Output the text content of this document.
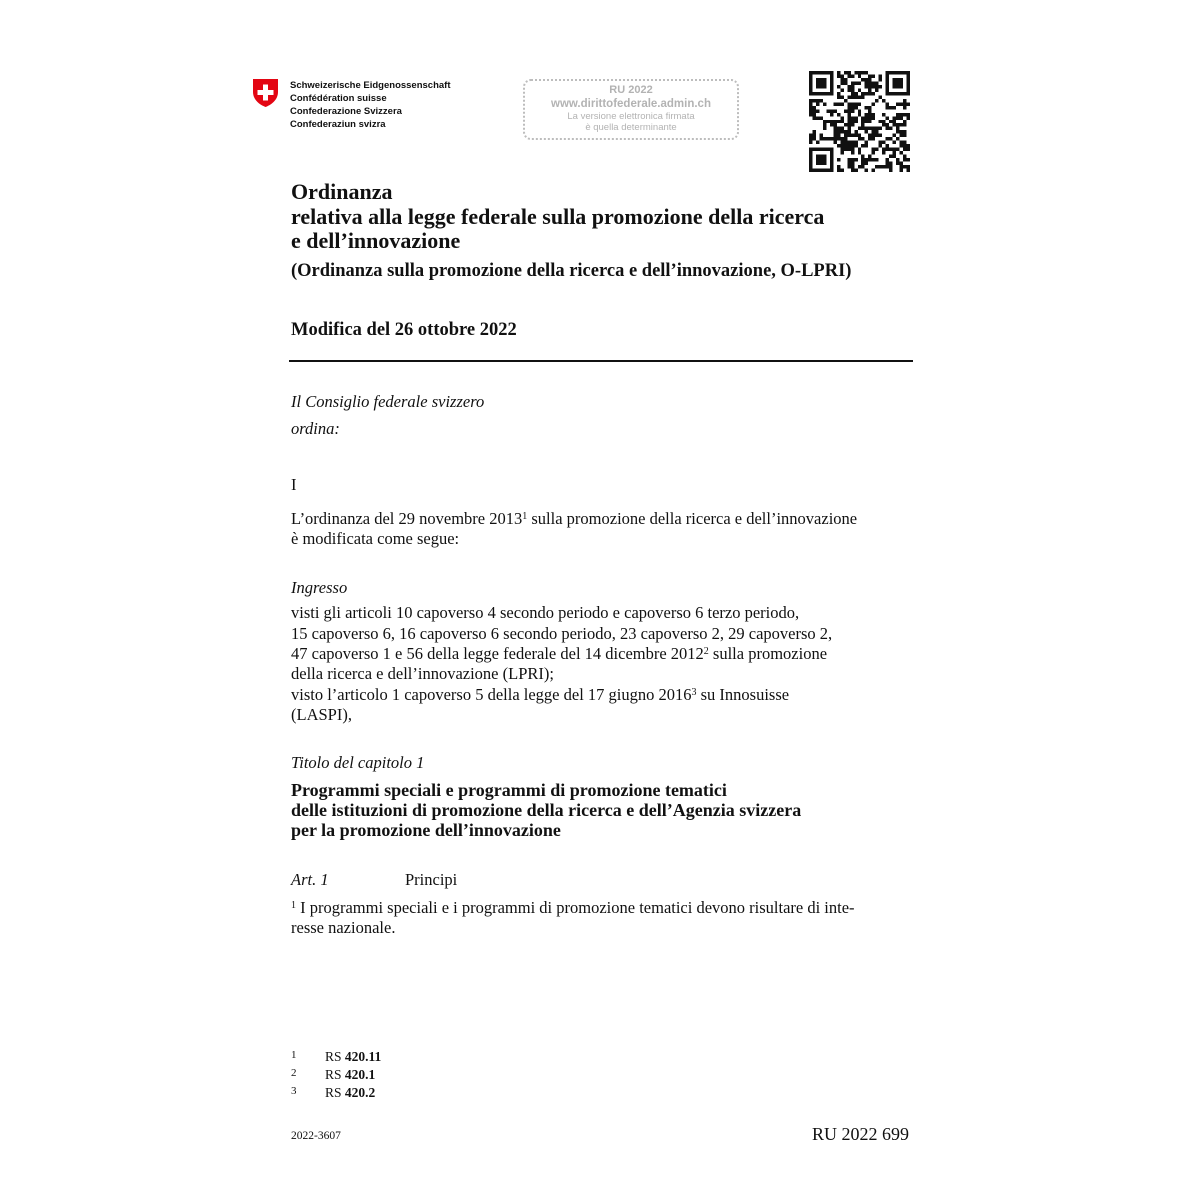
Schweizerische Eidgenossenschaft
Confédération suisse
Confederazione Svizzera
Confederaziun svizra
RU 2022
www.dirittofederale.admin.ch
La versione elettronica firmata
è quella determinante
Ordinanza
relativa alla legge federale sulla promozione della ricerca
e dell’innovazione
(Ordinanza sulla promozione della ricerca e dell’innovazione, O-LPRI)
Modifica del 26 ottobre 2022
Il Consiglio federale svizzero
ordina:
I
L’ordinanza del 29 novembre 2013$^1$ sulla promozione della ricerca e dell’innovazione
è modificata come segue:
Ingresso
visti gli articoli 10 capoverso 4 secondo periodo e capoverso 6 terzo periodo,
15 capoverso 6, 16 capoverso 6 secondo periodo, 23 capoverso 2, 29 capoverso 2,
47 capoverso 1 e 56 della legge federale del 14 dicembre 2012$^2$ sulla promozione
della ricerca e dell’innovazione (LPRI);
visto l’articolo 1 capoverso 5 della legge del 17 giugno 2016$^3$ su Innosuisse
(LASPI),
Titolo del capitolo 1
Programmi speciali e programmi di promozione tematici
delle istituzioni di promozione della ricerca e dell’Agenzia svizzera
per la promozione dell’innovazione
Art. 1	Principi
$^1$ I programmi speciali e i programmi di promozione tematici devono risultare di inte-
resse nazionale.
1 RS 420.11
2 RS 420.1
3 RS 420.2
2022-3607	RU 2022 699
